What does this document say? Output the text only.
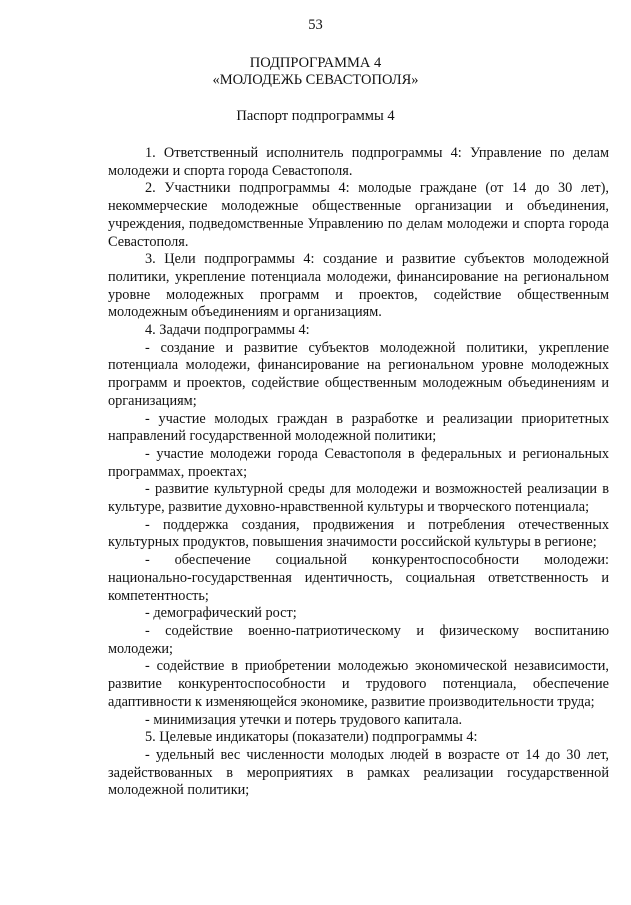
53
ПОДПРОГРАММА 4
«МОЛОДЕЖЬ СЕВАСТОПОЛЯ»
Паспорт подпрограммы 4

1. Ответственный исполнитель подпрограммы 4: Управление по делам молодежи и спорта города Севастополя.

2. Участники подпрограммы 4: молодые граждане (от 14 до 30 лет), некоммерческие молодежные общественные организации и объединения, учреждения, подведомственные Управлению по делам молодежи и спорта города Севастополя.

3. Цели подпрограммы 4: создание и развитие субъектов молодежной политики, укрепление потенциала молодежи, финансирование на региональном уровне молодежных программ и проектов, содействие общественным молодежным объединениям и организациям.

4. Задачи подпрограммы 4:

- создание и развитие субъектов молодежной политики, укрепление потенциала молодежи, финансирование на региональном уровне молодежных программ и проектов, содействие общественным молодежным объединениям и организациям;

- участие молодых граждан в разработке и реализации приоритетных направлений государственной молодежной политики;

- участие молодежи города Севастополя в федеральных и региональных программах, проектах;

- развитие культурной среды для молодежи и возможностей реализации в культуре, развитие духовно-нравственной культуры и творческого потенциала;

- поддержка создания, продвижения и потребления отечественных культурных продуктов, повышения значимости российской культуры в регионе;

- обеспечение социальной конкурентоспособности молодежи: национально-государственная идентичность, социальная ответственность и компетентность;

- демографический рост;

- содействие военно-патриотическому и физическому воспитанию молодежи;

- содействие в приобретении молодежью экономической независимости, развитие конкурентоспособности и трудового потенциала, обеспечение адаптивности к изменяющейся экономике, развитие производительности труда;

- минимизация утечки и потерь трудового капитала.

5. Целевые индикаторы (показатели) подпрограммы 4:

- удельный вес численности молодых людей в возрасте от 14 до 30 лет, задействованных в мероприятиях в рамках реализации государственной молодежной политики;
